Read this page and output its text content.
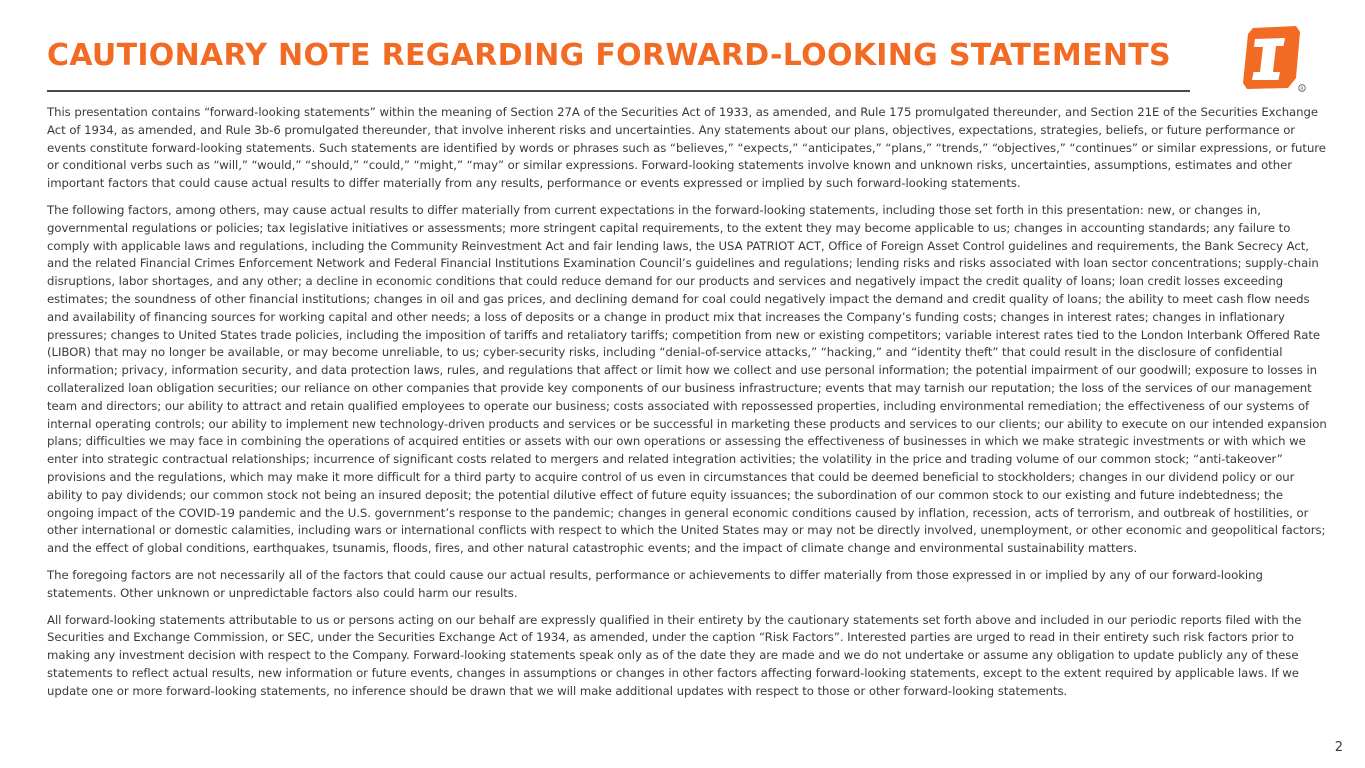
CAUTIONARY NOTE REGARDING FORWARD-LOOKING STATEMENTS
R

This presentation contains “forward-looking statements” within the meaning of Section 27A of the Securities Act of 1933, as amended, and Rule 175 promulgated thereunder, and Section 21E of the Securities Exchange Act of 1934, as amended, and Rule 3b-6 promulgated thereunder, that involve inherent risks and uncertainties. Any statements about our plans, objectives, expectations, strategies, beliefs, or future performance or events constitute forward-looking statements. Such statements are identified by words or phrases such as “believes,” “expects,” “anticipates,” “plans,” “trends,” “objectives,” “continues” or similar expressions, or future or conditional verbs such as “will,” “would,” “should,” “could,” “might,” “may” or similar expressions. Forward-looking statements involve known and unknown risks, uncertainties, assumptions, estimates and other important factors that could cause actual results to differ materially from any results, performance or events expressed or implied by such forward-looking statements.

The following factors, among others, may cause actual results to differ materially from current expectations in the forward-looking statements, including those set forth in this presentation: new, or changes in, governmental regulations or policies; tax legislative initiatives or assessments; more stringent capital requirements, to the extent they may become applicable to us; changes in accounting standards; any failure to comply with applicable laws and regulations, including the Community Reinvestment Act and fair lending laws, the USA PATRIOT ACT, Office of Foreign Asset Control guidelines and requirements, the Bank Secrecy Act, and the related Financial Crimes Enforcement Network and Federal Financial Institutions Examination Council’s guidelines and regulations; lending risks and risks associated with loan sector concentrations; supply-chain disruptions, labor shortages, and any other; a decline in economic conditions that could reduce demand for our products and services and negatively impact the credit quality of loans; loan credit losses exceeding estimates; the soundness of other financial institutions; changes in oil and gas prices, and declining demand for coal could negatively impact the demand and credit quality of loans; the ability to meet cash flow needs and availability of financing sources for working capital and other needs; a loss of deposits or a change in product mix that increases the Company’s funding costs; changes in interest rates; changes in inflationary pressures; changes to United States trade policies, including the imposition of tariffs and retaliatory tariffs; competition from new or existing competitors; variable interest rates tied to the London Interbank Offered Rate (LIBOR) that may no longer be available, or may become unreliable, to us; cyber-security risks, including “denial-of-service attacks,” “hacking,” and “identity theft” that could result in the disclosure of confidential information; privacy, information security, and data protection laws, rules, and regulations that affect or limit how we collect and use personal information; the potential impairment of our goodwill; exposure to losses in collateralized loan obligation securities; our reliance on other companies that provide key components of our business infrastructure; events that may tarnish our reputation; the loss of the services of our management team and directors; our ability to attract and retain qualified employees to operate our business; costs associated with repossessed properties, including environmental remediation; the effectiveness of our systems of internal operating controls; our ability to implement new technology-driven products and services or be successful in marketing these products and services to our clients; our ability to execute on our intended expansion plans; difficulties we may face in combining the operations of acquired entities or assets with our own operations or assessing the effectiveness of businesses in which we make strategic investments or with which we enter into strategic contractual relationships; incurrence of significant costs related to mergers and related integration activities; the volatility in the price and trading volume of our common stock; “anti-takeover” provisions and the regulations, which may make it more difficult for a third party to acquire control of us even in circumstances that could be deemed beneficial to stockholders; changes in our dividend policy or our ability to pay dividends; our common stock not being an insured deposit; the potential dilutive effect of future equity issuances; the subordination of our common stock to our existing and future indebtedness; the ongoing impact of the COVID-19 pandemic and the U.S. government’s response to the pandemic; changes in general economic conditions caused by inflation, recession, acts of terrorism, and outbreak of hostilities, or other international or domestic calamities, including wars or international conflicts with respect to which the United States may or may not be directly involved, unemployment, or other economic and geopolitical factors; and the effect of global conditions, earthquakes, tsunamis, floods, fires, and other natural catastrophic events; and the impact of climate change and environmental sustainability matters.

The foregoing factors are not necessarily all of the factors that could cause our actual results, performance or achievements to differ materially from those expressed in or implied by any of our forward-looking statements. Other unknown or unpredictable factors also could harm our results.

All forward-looking statements attributable to us or persons acting on our behalf are expressly qualified in their entirety by the cautionary statements set forth above and included in our periodic reports filed with the Securities and Exchange Commission, or SEC, under the Securities Exchange Act of 1934, as amended, under the caption “Risk Factors”. Interested parties are urged to read in their entirety such risk factors prior to making any investment decision with respect to the Company. Forward-looking statements speak only as of the date they are made and we do not undertake or assume any obligation to update publicly any of these statements to reflect actual results, new information or future events, changes in assumptions or changes in other factors affecting forward-looking statements, except to the extent required by applicable laws. If we update one or more forward-looking statements, no inference should be drawn that we will make additional updates with respect to those or other forward-looking statements.

2
